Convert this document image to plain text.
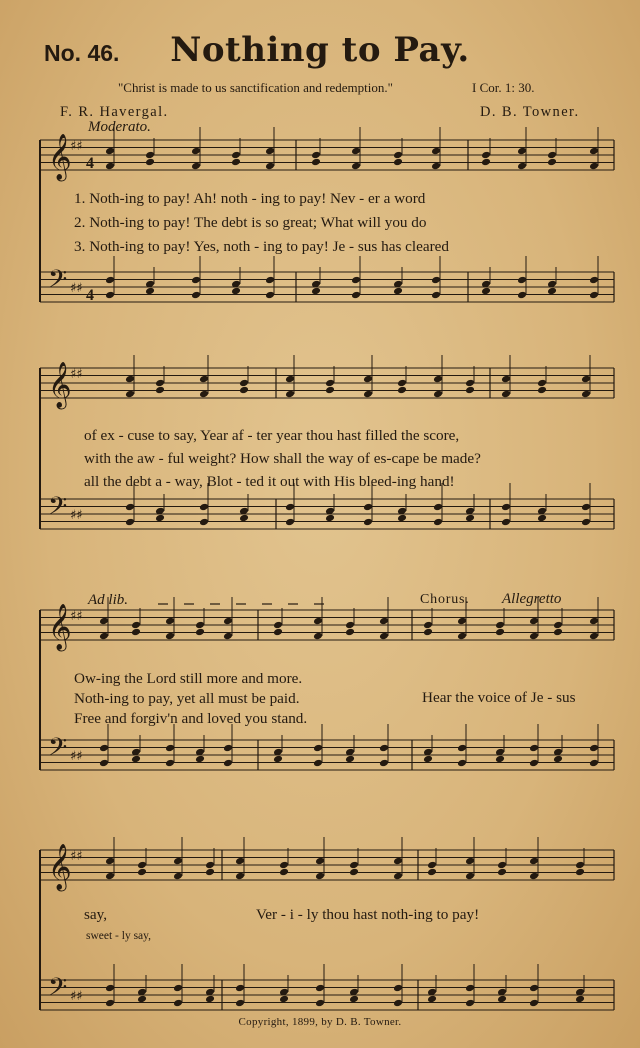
No. 46.	Nothing to Pay.
"Christ is made to us sanctification and redemption."	I Cor. 1: 30.
F. R. Havergal.	D. B. Towner.
Moderato.
Ad lib.	Chorus. Allegretto
1. Noth-ing to pay! Ah! noth - ing to pay! Nev - er a word
2. Noth-ing to pay! The debt is so great; What will you do
3. Noth-ing to pay! Yes, noth - ing to pay! Je - sus has cleared
of ex - cuse to say, Year af - ter year thou hast filled the score,
with the aw - ful weight? How shall the way of es-cape be made?
all the debt a - way, Blot - ted it out with His bleed-ing hand!
Ow-ing the Lord still more and more.
Noth-ing to pay, yet all must be paid.
Free and forgiv'n and loved you stand.
Hear the voice of Je - sus
say,	Ver - i - ly thou hast noth-ing to pay!
sweet - ly say,
Copyright, 1899, by D. B. Towner.
𝄞
♯♯
𝄢 ♯♯
4
4
𝄞
♯♯
𝄢 ♯♯
𝄞
♯♯
𝄢 ♯♯
𝄞
♯♯
𝄢 ♯♯
